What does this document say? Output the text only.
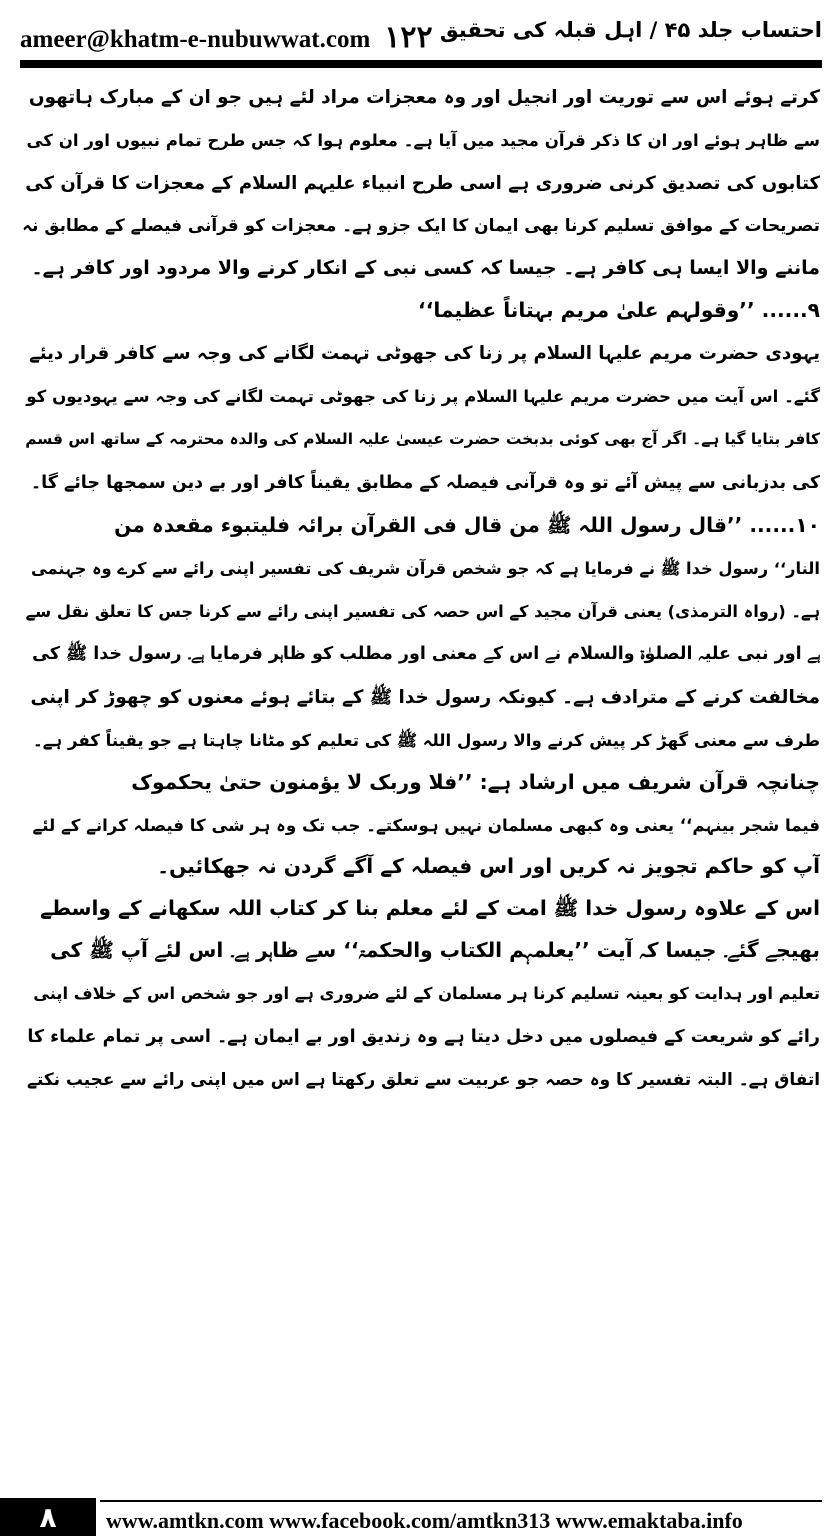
ameer@khatm-e-nubuwwat.com ۱۲۲ احتساب جلد ۴۵ / اہل قبلہ کی تحقیق

کرتے ہوئے اس سے توریت اور انجیل اور وہ معجزات مراد لئے ہیں جو ان کے مبارک ہاتھوں

سے ظاہر ہوئے اور ان کا ذکر قرآن مجید میں آیا ہے۔ معلوم ہوا کہ جس طرح تمام نبیوں اور ان کی

کتابوں کی تصدیق کرنی ضروری ہے اسی طرح انبیاء علیہم السلام کے معجزات کا قرآن کی

تصریحات کے موافق تسلیم کرنا بھی ایمان کا ایک جزو ہے۔ معجزات کو قرآنی فیصلے کے مطابق نہ

ماننے والا ایسا ہی کافر ہے۔ جیسا کہ کسی نبی کے انکار کرنے والا مردود اور کافر ہے۔

۹...... ’’وقولہم علیٰ مریم بہتاناً عظیما‘‘

یہودی حضرت مریم علیہا السلام پر زنا کی جھوٹی تہمت لگانے کی وجہ سے کافر قرار دیئے

گئے۔ اس آیت میں حضرت مریم علیہا السلام پر زنا کی جھوٹی تہمت لگانے کی وجہ سے یہودیوں کو

کافر بتایا گیا ہے۔ اگر آج بھی کوئی بدبخت حضرت عیسیٰ علیہ السلام کی والدہ محترمہ کے ساتھ اس قسم

کی بدزبانی سے پیش آئے تو وہ قرآنی فیصلہ کے مطابق یقیناً کافر اور بے دین سمجھا جائے گا۔

۱۰...... ’’قال رسول اللہ ﷺ من قال فی القرآن برائہ فلیتبوء مقعدہ من

النار‘‘ رسول خدا ﷺ نے فرمایا ہے کہ جو شخص قرآن شریف کی تفسیر اپنی رائے سے کرے وہ جہنمی

ہے۔ (رواہ الترمذی) یعنی قرآن مجید کے اس حصہ کی تفسیر اپنی رائے سے کرنا جس کا تعلق نقل سے

ہے اور نبی علیہ الصلوٰۃ والسلام نے اس کے معنی اور مطلب کو ظاہر فرمایا ہے۔ رسول خدا ﷺ کی

مخالفت کرنے کے مترادف ہے۔ کیونکہ رسول خدا ﷺ کے بتائے ہوئے معنوں کو چھوڑ کر اپنی

طرف سے معنی گھڑ کر پیش کرنے والا رسول اللہ ﷺ کی تعلیم کو مٹانا چاہتا ہے جو یقیناً کفر ہے۔

چنانچہ قرآن شریف میں ارشاد ہے: ’’فلا وربک لا یؤمنون حتیٰ یحکموک

فیما شجر بینہم‘‘ یعنی وہ کبھی مسلمان نہیں ہوسکتے۔ جب تک وہ ہر شی کا فیصلہ کرانے کے لئے

آپ کو حاکم تجویز نہ کریں اور اس فیصلہ کے آگے گردن نہ جھکائیں۔

اس کے علاوہ رسول خدا ﷺ امت کے لئے معلم بنا کر کتاب اللہ سکھانے کے واسطے

بھیجے گئے۔ جیسا کہ آیت ’’یعلمہم الکتاب والحکمۃ‘‘ سے ظاہر ہے۔ اس لئے آپ ﷺ کی

تعلیم اور ہدایت کو بعینہ تسلیم کرنا ہر مسلمان کے لئے ضروری ہے اور جو شخص اس کے خلاف اپنی

رائے کو شریعت کے فیصلوں میں دخل دیتا ہے وہ زندیق اور بے ایمان ہے۔ اسی پر تمام علماء کا

اتفاق ہے۔ البتہ تفسیر کا وہ حصہ جو عربیت سے تعلق رکھتا ہے اس میں اپنی رائے سے عجیب نکتے

۸	www.amtkn.com www.facebook.com/amtkn313 www.emaktaba.info
